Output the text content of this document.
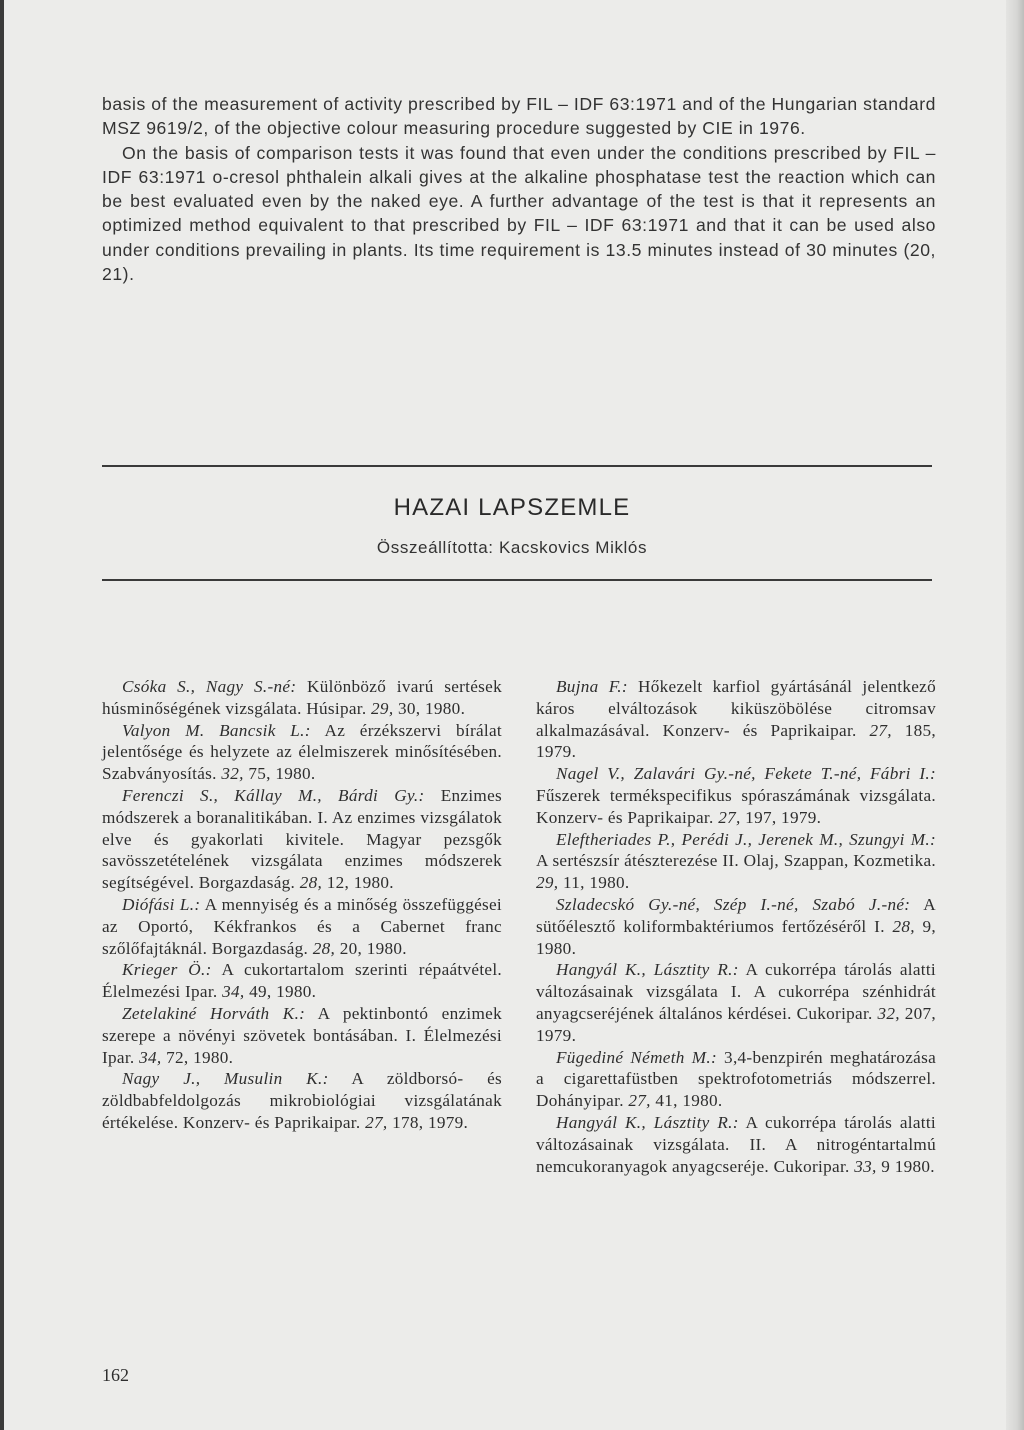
basis of the measurement of activity prescribed by FIL – IDF 63:1971 and of the Hungarian standard MSZ 9619/2, of the objective colour measuring procedure suggested by CIE in 1976.

On the basis of comparison tests it was found that even under the conditions prescribed by FIL – IDF 63:1971 o-cresol phthalein alkali gives at the alkaline phosphatase test the reaction which can be best evaluated even by the naked eye. A further advantage of the test is that it represents an optimized method equivalent to that prescribed by FIL – IDF 63:1971 and that it can be used also under conditions prevailing in plants. Its time requirement is 13.5 minutes instead of 30 minutes (20, 21).

HAZAI LAPSZEMLE
Összeállította: Kacskovics Miklós

Csóka S., Nagy S.-né: Különböző ivarú sertések húsminőségének vizsgálata. Húsipar. 29, 30, 1980.

Valyon M. Bancsik L.: Az érzékszervi bírálat jelentősége és helyzete az élelmiszerek minősítésében. Szabványosítás. 32, 75, 1980.

Ferenczi S., Kállay M., Bárdi Gy.: Enzimes módszerek a boranalitikában. I. Az enzimes vizsgálatok elve és gyakorlati kivitele. Magyar pezsgők savösszetételének vizsgálata enzimes módszerek segítségével. Borgazdaság. 28, 12, 1980.

Diófási L.: A mennyiség és a minőség összefüggései az Oportó, Kékfrankos és a Cabernet franc szőlőfajtáknál. Borgazdaság. 28, 20, 1980.

Krieger Ö.: A cukortartalom szerinti répaátvétel. Élelmezési Ipar. 34, 49, 1980.

Zetelakiné Horváth K.: A pektinbontó enzimek szerepe a növényi szövetek bontásában. I. Élelmezési Ipar. 34, 72, 1980.

Nagy J., Musulin K.: A zöldborsó- és zöldbabfeldolgozás mikrobiológiai vizsgálatának értékelése. Konzerv- és Paprikaipar. 27, 178, 1979.

Bujna F.: Hőkezelt karfiol gyártásánál jelentkező káros elváltozások kiküszöbölése citromsav alkalmazásával. Konzerv- és Paprikaipar. 27, 185, 1979.

Nagel V., Zalavári Gy.-né, Fekete T.-né, Fábri I.: Fűszerek termékspecifikus spóraszámának vizsgálata. Konzerv- és Paprikaipar. 27, 197, 1979.

Eleftheriades P., Perédi J., Jerenek M., Szungyi M.: A sertészsír átészterezése II. Olaj, Szappan, Kozmetika. 29, 11, 1980.

Szladecskó Gy.-né, Szép I.-né, Szabó J.-né: A sütőélesztő koliformbaktériumos fertőzéséről I. 28, 9, 1980.

Hangyál K., Lásztity R.: A cukorrépa tárolás alatti változásainak vizsgálata I. A cukorrépa szénhidrát anyagcseréjének általános kérdései. Cukoripar. 32, 207, 1979.

Fügediné Németh M.: 3,4-benzpirén meghatározása a cigarettafüstben spektrofotometriás módszerrel. Dohányipar. 27, 41, 1980.

Hangyál K., Lásztity R.: A cukorrépa tárolás alatti változásainak vizsgálata. II. A nitrogéntartalmú nemcukoranyagok anyagcseréje. Cukoripar. 33, 9 1980.

162
